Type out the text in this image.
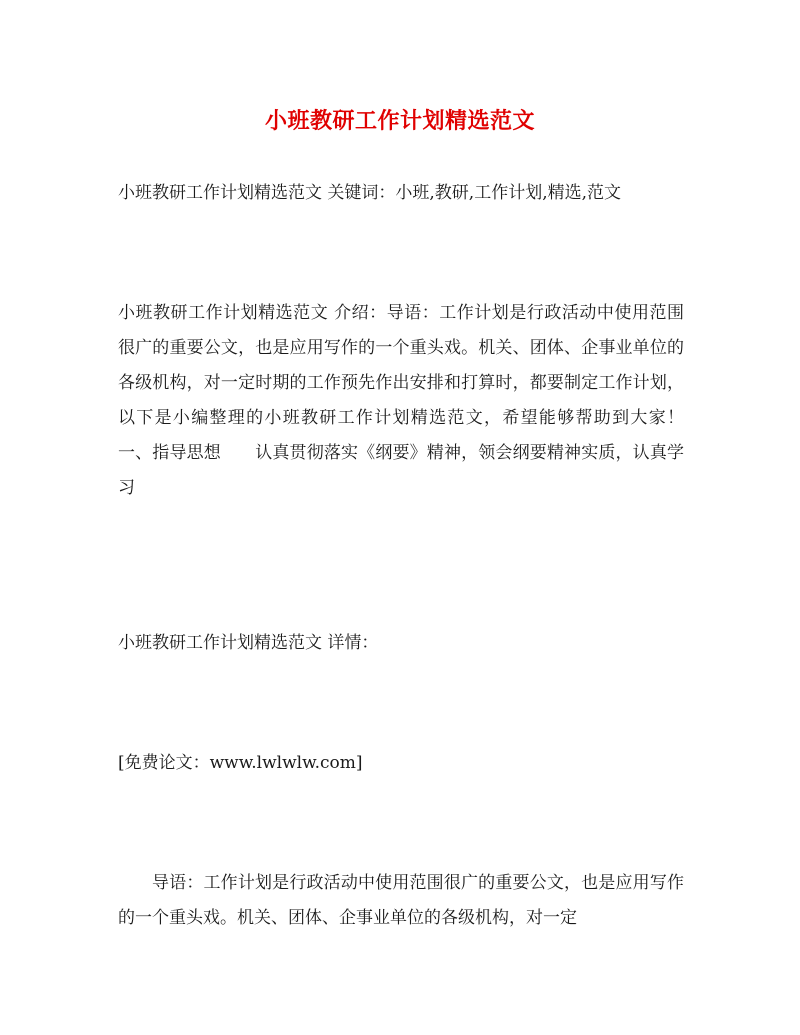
小班教研工作计划精选范文
小班教研工作计划精选范文 关键词：小班,教研,工作计划,精选,范文
小班教研工作计划精选范文 介绍：导语：工作计划是行政活动中使用范围很广的重要公文，也是应用写作的一个重头戏。机关、团体、企事业单位的各级机构，对一定时期的工作预先作出安排和打算时，都要制定工作计划，以下是小编整理的小班教研工作计划精选范文，希望能够帮助到大家！　　一、指导思想　　认真贯彻落实《纲要》精神，领会纲要精神实质，认真学习
小班教研工作计划精选范文 详情：
[免费论文：www.lwlwlw.com]
导语：工作计划是行政活动中使用范围很广的重要公文，也是应用写作的一个重头戏。机关、团体、企事业单位的各级机构，对一定
